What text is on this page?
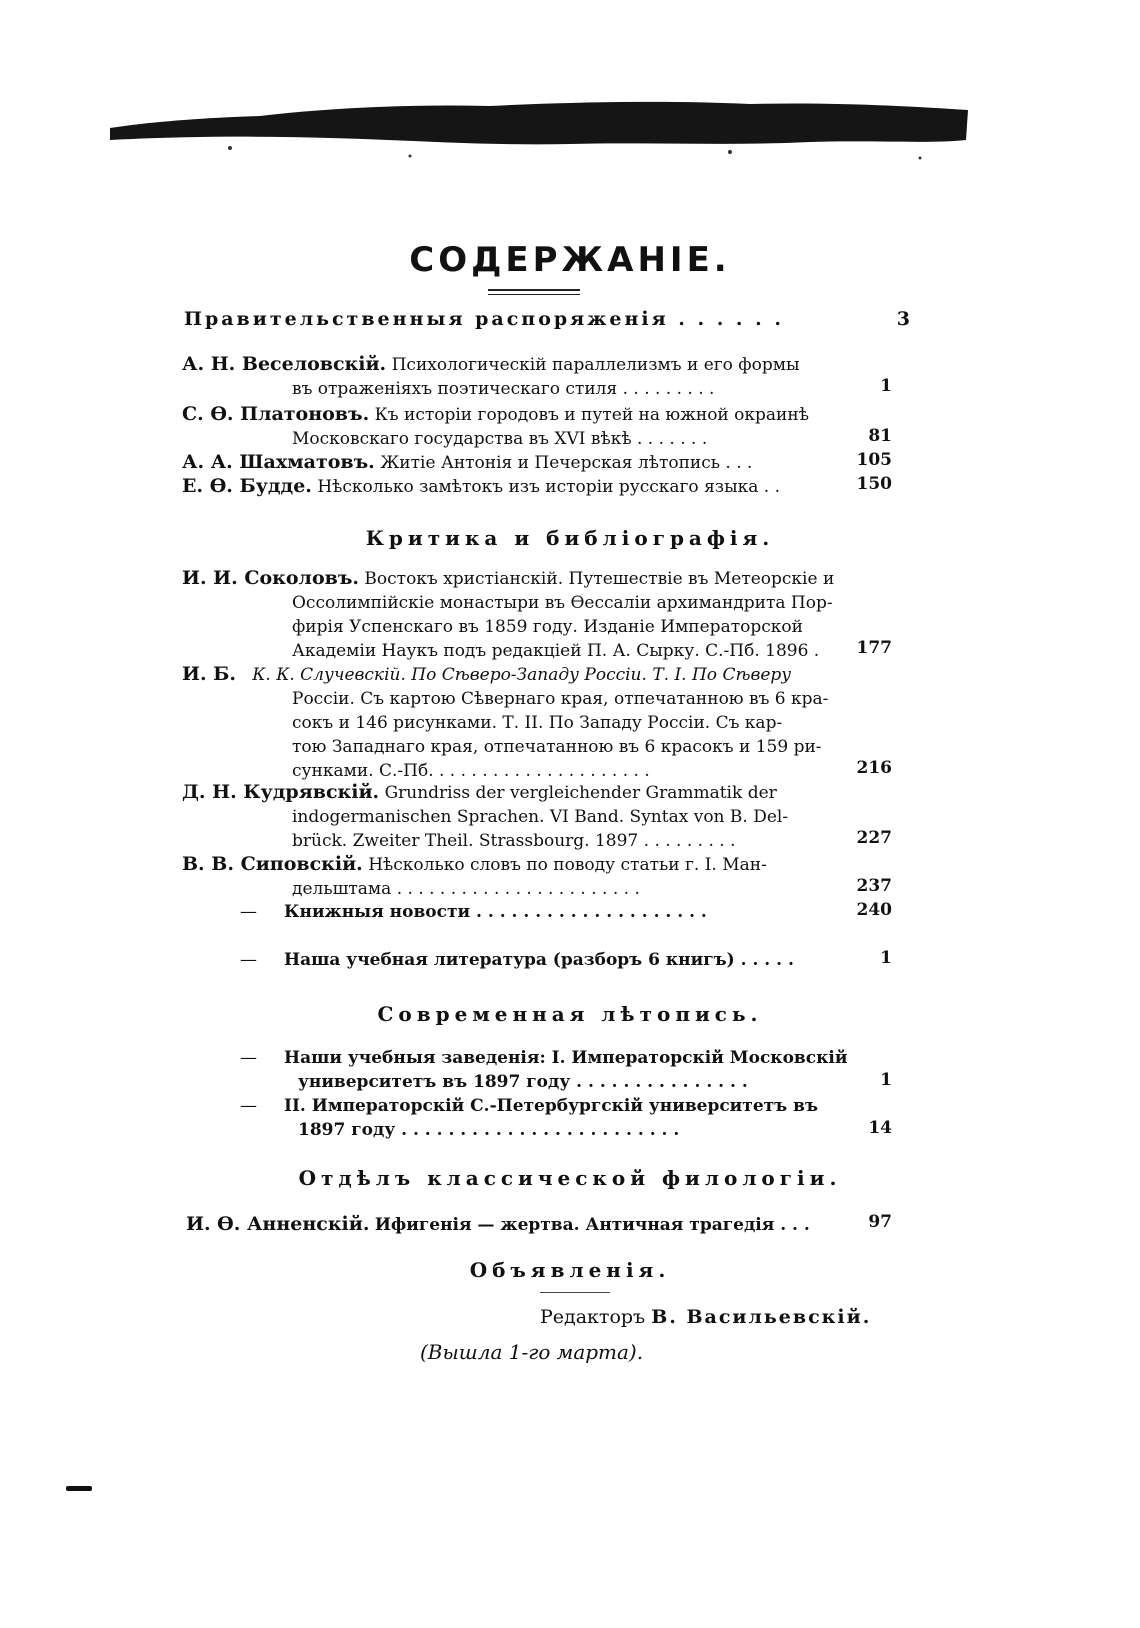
СОДЕРЖАНІЕ.
Правительственныя распоряженія . . . . . .	3
А. Н. Веселовскій. Психологическій параллелизмъ и его формы
въ отраженіяхъ поэтическаго стиля . . . . . . . . .	1
С. Ѳ. Платоновъ. Къ исторіи городовъ и путей на южной окраинѣ
Московскаго государства въ XVI вѣкѣ . . . . . . .	81
А. А. Шахматовъ. Житіе Антонія и Печерская лѣтопись . . .	105
Е. Ѳ. Будде. Нѣсколько замѣтокъ изъ исторіи русскаго языка . .	150
Критика и библіографія.
И. И. Соколовъ. Востокъ христіанскій. Путешествіе въ Метеорскіе и
Оссолимпійскіе монастыри въ Ѳессаліи архимандрита Пор-
фирія Успенскаго въ 1859 году. Изданіе Императорской
Академіи Наукъ подъ редакціей П. А. Сырку. С.-Пб. 1896 .	177
И. Б. К. К. Случевскій. По Сѣверо-Западу Россіи. Т. I. По Сѣверу
Россіи. Съ картою Сѣвернаго края, отпечатанною въ 6 кра-
сокъ и 146 рисунками. Т. II. По Западу Россіи. Съ кар-
тою Западнаго края, отпечатанною въ 6 красокъ и 159 ри-
сунками. С.-Пб. . . . . . . . . . . . . . . . . . . . .	216
Д. Н. Кудрявскій. Grundriss der vergleichender Grammatik der
indogermanischen Sprachen. VI Band. Syntax von B. Del-
brück. Zweiter Theil. Strassbourg. 1897 . . . . . . . . .	227
В. В. Сиповскій. Нѣсколько словъ по поводу статьи г. І. Ман-
дельштама . . . . . . . . . . . . . . . . . . . . . . .	237
— Книжныя новости . . . . . . . . . . . . . . . . . . . .	240
— Наша учебная литература (разборъ 6 книгъ) . . . . .	1
Современная лѣтопись.
— Наши учебныя заведенія: I. Императорскій Московскій
университетъ въ 1897 году . . . . . . . . . . . . . . .	1
— II. Императорскій С.-Петербургскій университетъ въ
1897 году . . . . . . . . . . . . . . . . . . . . . . . .	14
Отдѣлъ классической филологіи.
И. Ѳ. Анненскій. Ифигенія — жертва. Античная трагедія . . .	97
Объявленія.
Редакторъ В. Васильевскій.
(Вышла 1-го марта).
